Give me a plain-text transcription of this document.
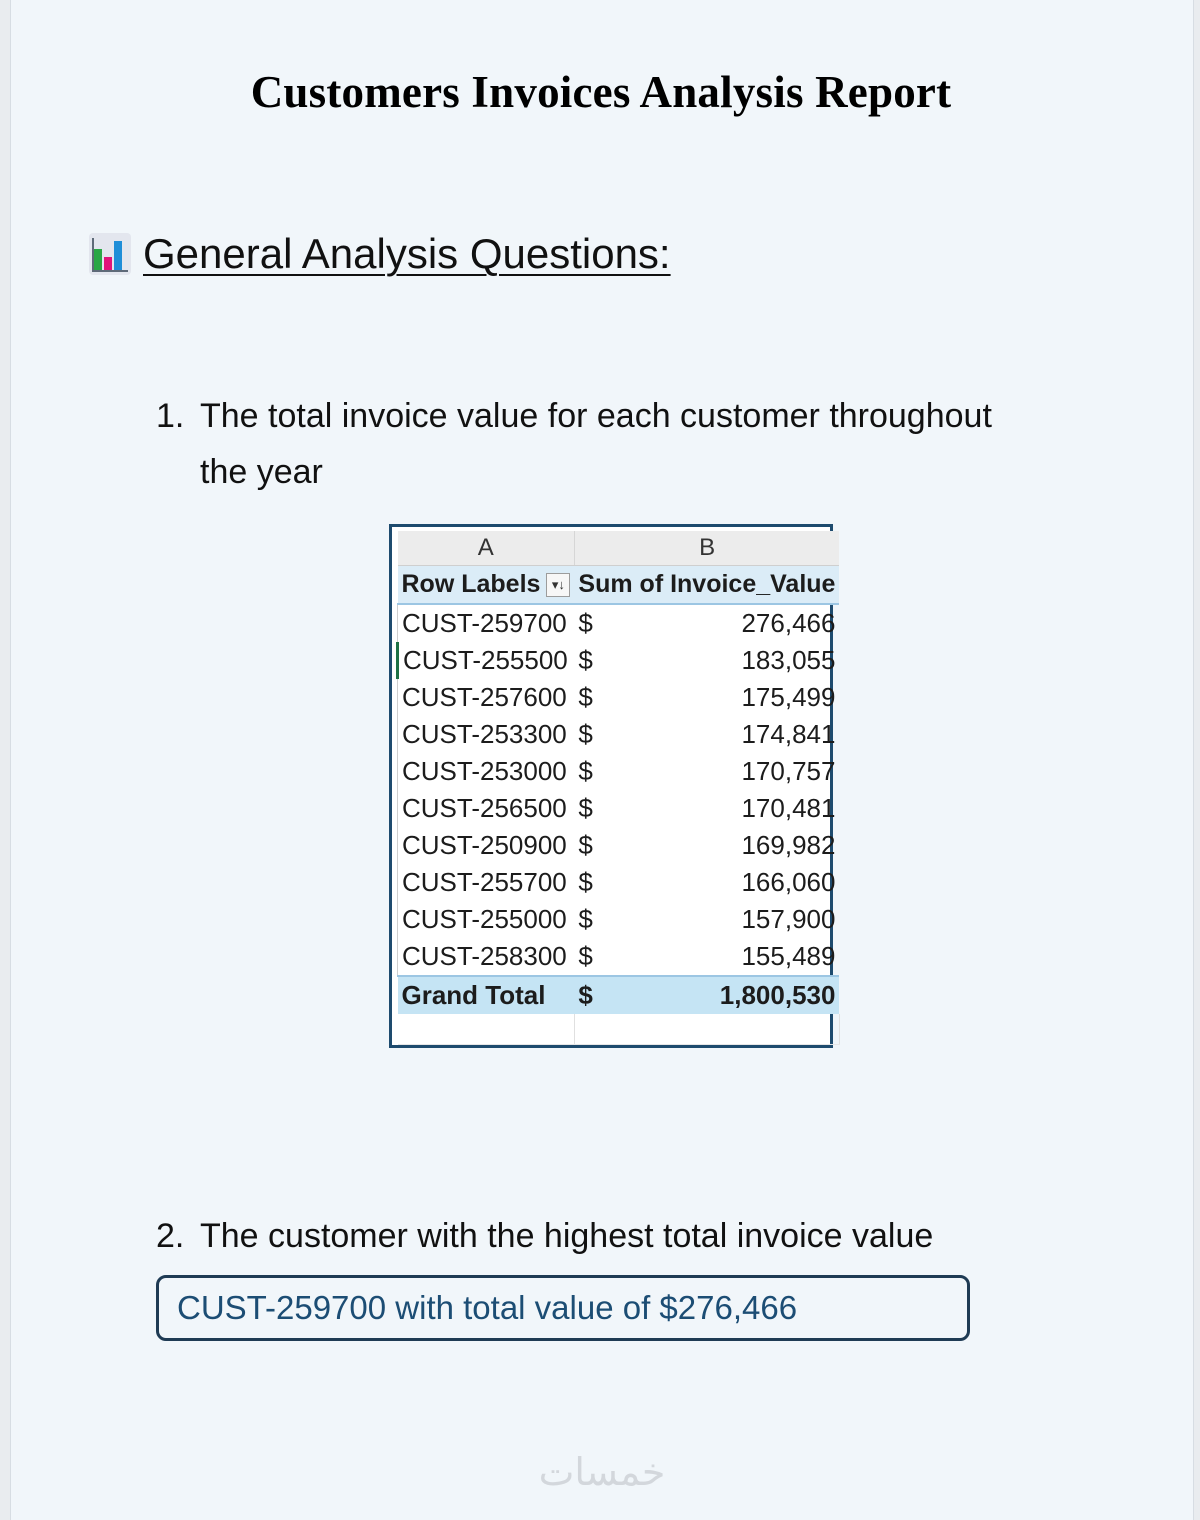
Customers Invoices Analysis Report
General Analysis Questions:
1. The total invoice value for each customer throughout
the year
A	B	
Row Labels ▾↓	Sum of Invoice_Value	
CUST-259700	$	276,466
CUST-255500	$	183,055
CUST-257600	$	175,499
CUST-253300	$	174,841
CUST-253000	$	170,757
CUST-256500	$	170,481
CUST-250900	$	169,982
CUST-255700	$	166,060
CUST-255000	$	157,900
CUST-258300	$	155,489
Grand Total	$	1,800,530

2. The customer with the highest total invoice value
CUST-259700 with total value of $276,466
خمسات
